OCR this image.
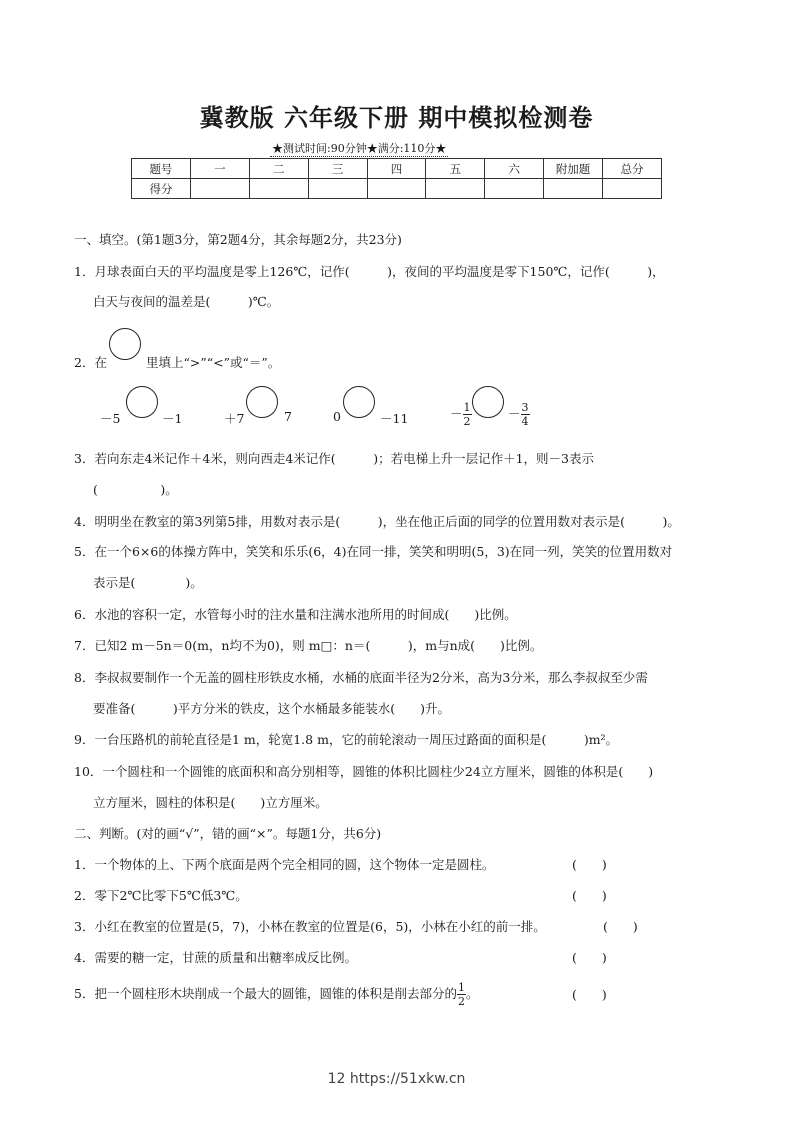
冀教版 六年级下册 期中模拟检测卷
★测试时间:90分钟★满分:110分★
题号	一	二	三	四	五	六	附加题	总分
得分								
一、填空。(第1题3分，第2题4分，其余每题2分，共23分)
1．月球表面白天的平均温度是零上126℃，记作(　　　)，夜间的平均温度是零下150℃，记作(　　　)，
白天与夜间的温差是(　　　)℃。
2．在	里填上“>”“<”或“＝”。
－5	－1	＋7	7	0	－11	－ $\frac{1}{2}$	－ $\frac{3}{4}$
3．若向东走4米记作＋4米，则向西走4米记作(　　　)；若电梯上升一层记作＋1，则－3表示
(　　　　　)。
4．明明坐在教室的第3列第5排，用数对表示是(　　　)，坐在他正后面的同学的位置用数对表示是(　　　)。
5．在一个6×6的体操方阵中，笑笑和乐乐(6，4)在同一排，笑笑和明明(5，3)在同一列，笑笑的位置用数对
表示是(　　　　)。
6．水池的容积一定，水管每小时的注水量和注满水池所用的时间成(　　)比例。
7．已知2 m－5n＝0(m，n均不为0)，则 m□：n＝(　　　)，m与n成(　　)比例。
8．李叔叔要制作一个无盖的圆柱形铁皮水桶，水桶的底面半径为2分米，高为3分米，那么李叔叔至少需
要准备(　　　)平方分米的铁皮，这个水桶最多能装水(　　)升。
9．一台压路机的前轮直径是1 m，轮宽1.8 m，它的前轮滚动一周压过路面的面积是(　　　)m²。
10．一个圆柱和一个圆锥的底面积和高分别相等，圆锥的体积比圆柱少24立方厘米，圆锥的体积是(　　)
立方厘米，圆柱的体积是(　　)立方厘米。
二、判断。(对的画“√”，错的画“×”。每题1分，共6分)
1．一个物体的上、下两个底面是两个完全相同的圆，这个物体一定是圆柱。	(　　)
2．零下2℃比零下5℃低3℃。	(　　)
3．小红在教室的位置是(5，7)，小林在教室的位置是(6，5)，小林在小红的前一排。	(　　)
4．需要的糖一定，甘蔗的质量和出糖率成反比例。	(　　)
5．把一个圆柱形木块削成一个最大的圆锥，圆锥的体积是削去部分的 $\frac{1}{2}$ 。	(　　)
12 https://51xkw.cn
